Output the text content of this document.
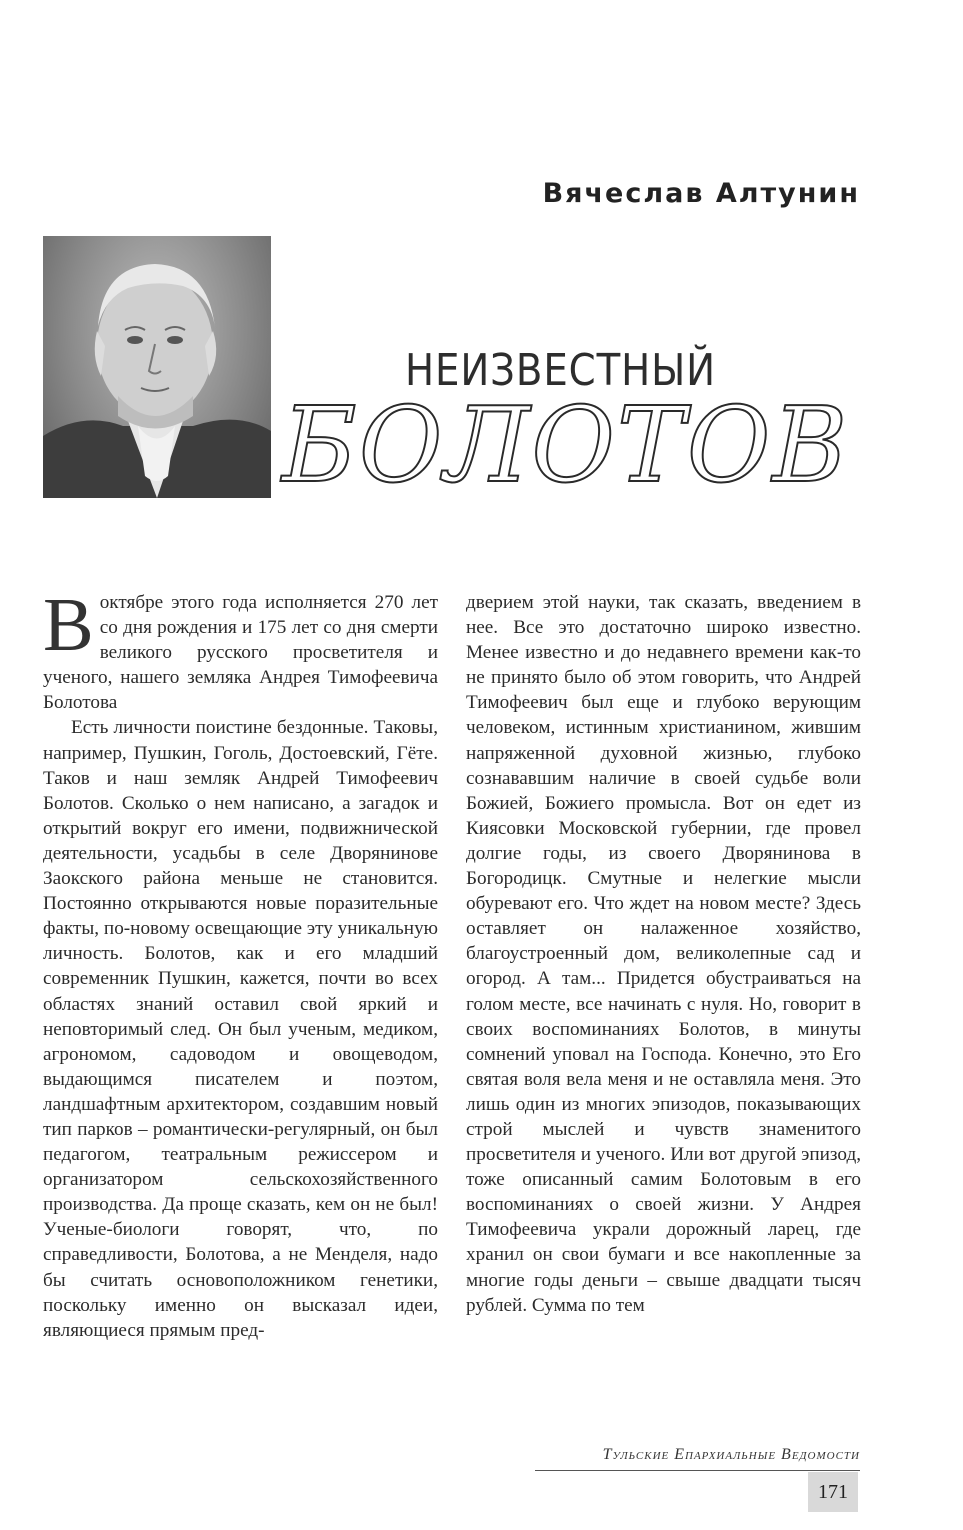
Вячеслав Алтунин
НЕИЗВЕСТНЫЙ
БОЛОТОВ

Воктябре этого года исполняется 270 лет со дня рождения и 175 лет со дня смерти великого русского просветителя и ученого, нашего земляка Андрея Тимофеевича Болотова

Есть личности поистине бездонные. Таковы, например, Пушкин, Гоголь, Достоевский, Гёте. Таков и наш земляк Андрей Тимофеевич Болотов. Сколько о нем написано, а загадок и открытий вокруг его имени, подвижнической деятельности, усадьбы в селе Дворянинове Заокского района меньше не становится. Постоянно открываются новые поразительные факты, по-новому освещающие эту уникальную личность. Болотов, как и его младший современник Пушкин, кажется, почти во всех областях знаний оставил свой яркий и неповторимый след. Он был ученым, медиком, агрономом, садоводом и овощеводом, выдающимся писателем и поэтом, ландшафтным архитектором, создавшим новый тип парков – романтически-регулярный, он был педагогом, театральным режиссером и организатором сельскохозяйственного производства. Да проще сказать, кем он не был! Ученые-биологи говорят, что, по справедливости, Болотова, а не Менделя, надо бы считать основоположником генетики, поскольку именно он высказал идеи, являющиеся прямым пред-

дверием этой науки, так сказать, введением в нее. Все это достаточно широко известно. Менее известно и до недавнего времени как-то не принято было об этом говорить, что Андрей Тимофеевич был еще и глубоко верующим человеком, истинным христианином, жившим напряженной духовной жизнью, глубоко сознававшим наличие в своей судьбе воли Божией, Божиего промысла. Вот он едет из Киясовки Московской губернии, где провел долгие годы, из своего Дворянинова в Богородицк. Смутные и нелегкие мысли обуревают его. Что ждет на новом месте? Здесь оставляет он налаженное хозяйство, благоустроенный дом, великолепные сад и огород. А там... Придется обустраиваться на голом месте, все начинать с нуля. Но, говорит в своих воспоминаниях Болотов, в минуты сомнений уповал на Господа. Конечно, это Его святая воля вела меня и не оставляла меня. Это лишь один из многих эпизодов, показывающих строй мыслей и чувств знаменитого просветителя и ученого. Или вот другой эпизод, тоже описанный самим Болотовым в его воспоминаниях о своей жизни. У Андрея Тимофеевича украли дорожный ларец, где хранил он свои бумаги и все накопленные за многие годы деньги – свыше двадцати тысяч рублей. Сумма по тем

Тульские Епархиальные Ведомости
171
